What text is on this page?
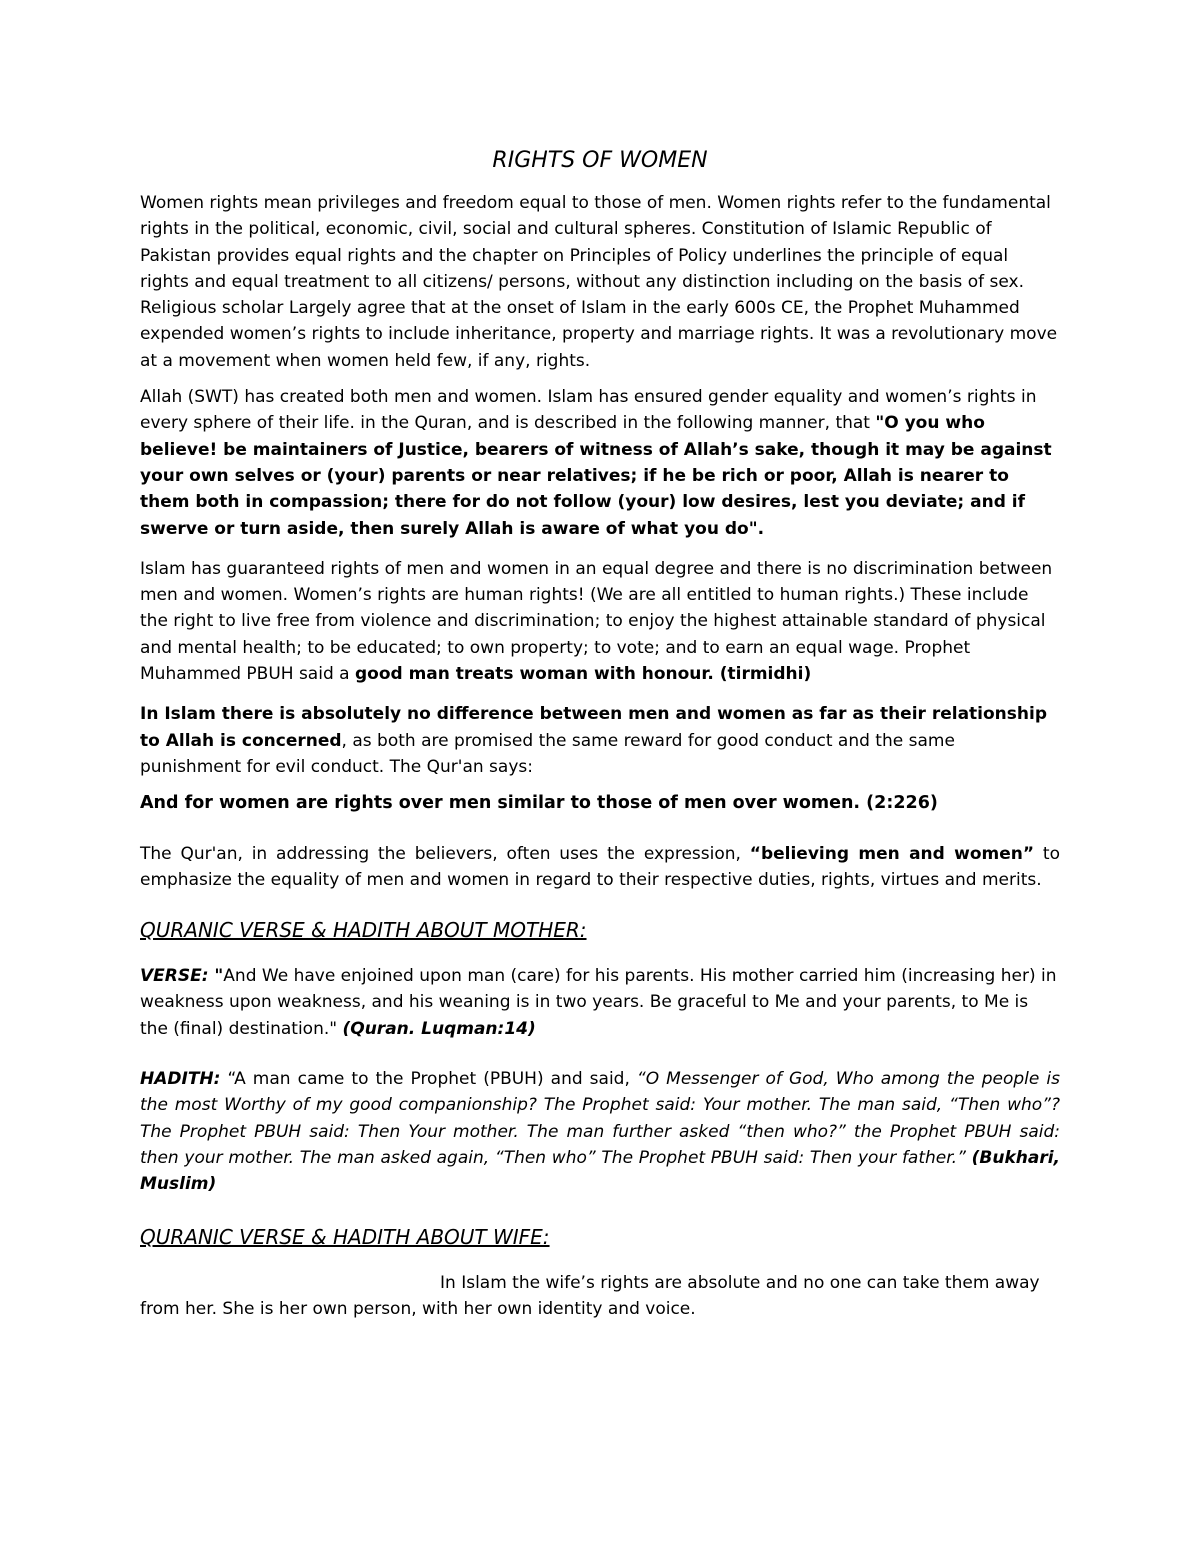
RIGHTS OF WOMEN

Women rights mean privileges and freedom equal to those of men. Women rights refer to the fundamental rights in the political, economic, civil, social and cultural spheres. Constitution of Islamic Republic of Pakistan provides equal rights and the chapter on Principles of Policy underlines the principle of equal rights and equal treatment to all citizens/ persons, without any distinction including on the basis of sex. Religious scholar Largely agree that at the onset of Islam in the early 600s CE, the Prophet Muhammed expended women’s rights to include inheritance, property and marriage rights. It was a revolutionary move at a movement when women held few, if any, rights.

Allah (SWT) has created both men and women. Islam has ensured gender equality and women’s rights in every sphere of their life. in the Quran, and is described in the following manner, that "O you who believe! be maintainers of Justice, bearers of witness of Allah’s sake, though it may be against your own selves or (your) parents or near relatives; if he be rich or poor, Allah is nearer to them both in compassion; there for do not follow (your) low desires, lest you deviate; and if swerve or turn aside, then surely Allah is aware of what you do".

Islam has guaranteed rights of men and women in an equal degree and there is no discrimination between men and women. Women’s rights are human rights! (We are all entitled to human rights.) These include the right to live free from violence and discrimination; to enjoy the highest attainable standard of physical and mental health; to be educated; to own property; to vote; and to earn an equal wage. Prophet Muhammed PBUH said a good man treats woman with honour. (tirmidhi)

In Islam there is absolutely no difference between men and women as far as their relationship to Allah is concerned, as both are promised the same reward for good conduct and the same punishment for evil conduct. The Qur'an says:

And for women are rights over men similar to those of men over women. (2:226)

The Qur'an, in addressing the believers, often uses the expression, “believing men and women” to emphasize the equality of men and women in regard to their respective duties, rights, virtues and merits.

QURANIC VERSE & HADITH ABOUT MOTHER:

VERSE: "And We have enjoined upon man (care) for his parents. His mother carried him (increasing her) in weakness upon weakness, and his weaning is in two years. Be graceful to Me and your parents, to Me is the (final) destination." (Quran. Luqman:14)

HADITH: “A man came to the Prophet (PBUH) and said, “O Messenger of God, Who among the people is the most Worthy of my good companionship? The Prophet said: Your mother. The man said, “Then who”? The Prophet PBUH said: Then Your mother. The man further asked “then who?” the Prophet PBUH said: then your mother. The man asked again, “Then who” The Prophet PBUH said: Then your father.” (Bukhari, Muslim)

QURANIC VERSE & HADITH ABOUT WIFE:

In Islam the wife’s rights are absolute and no one can take them away from her. She is her own person, with her own identity and voice.
